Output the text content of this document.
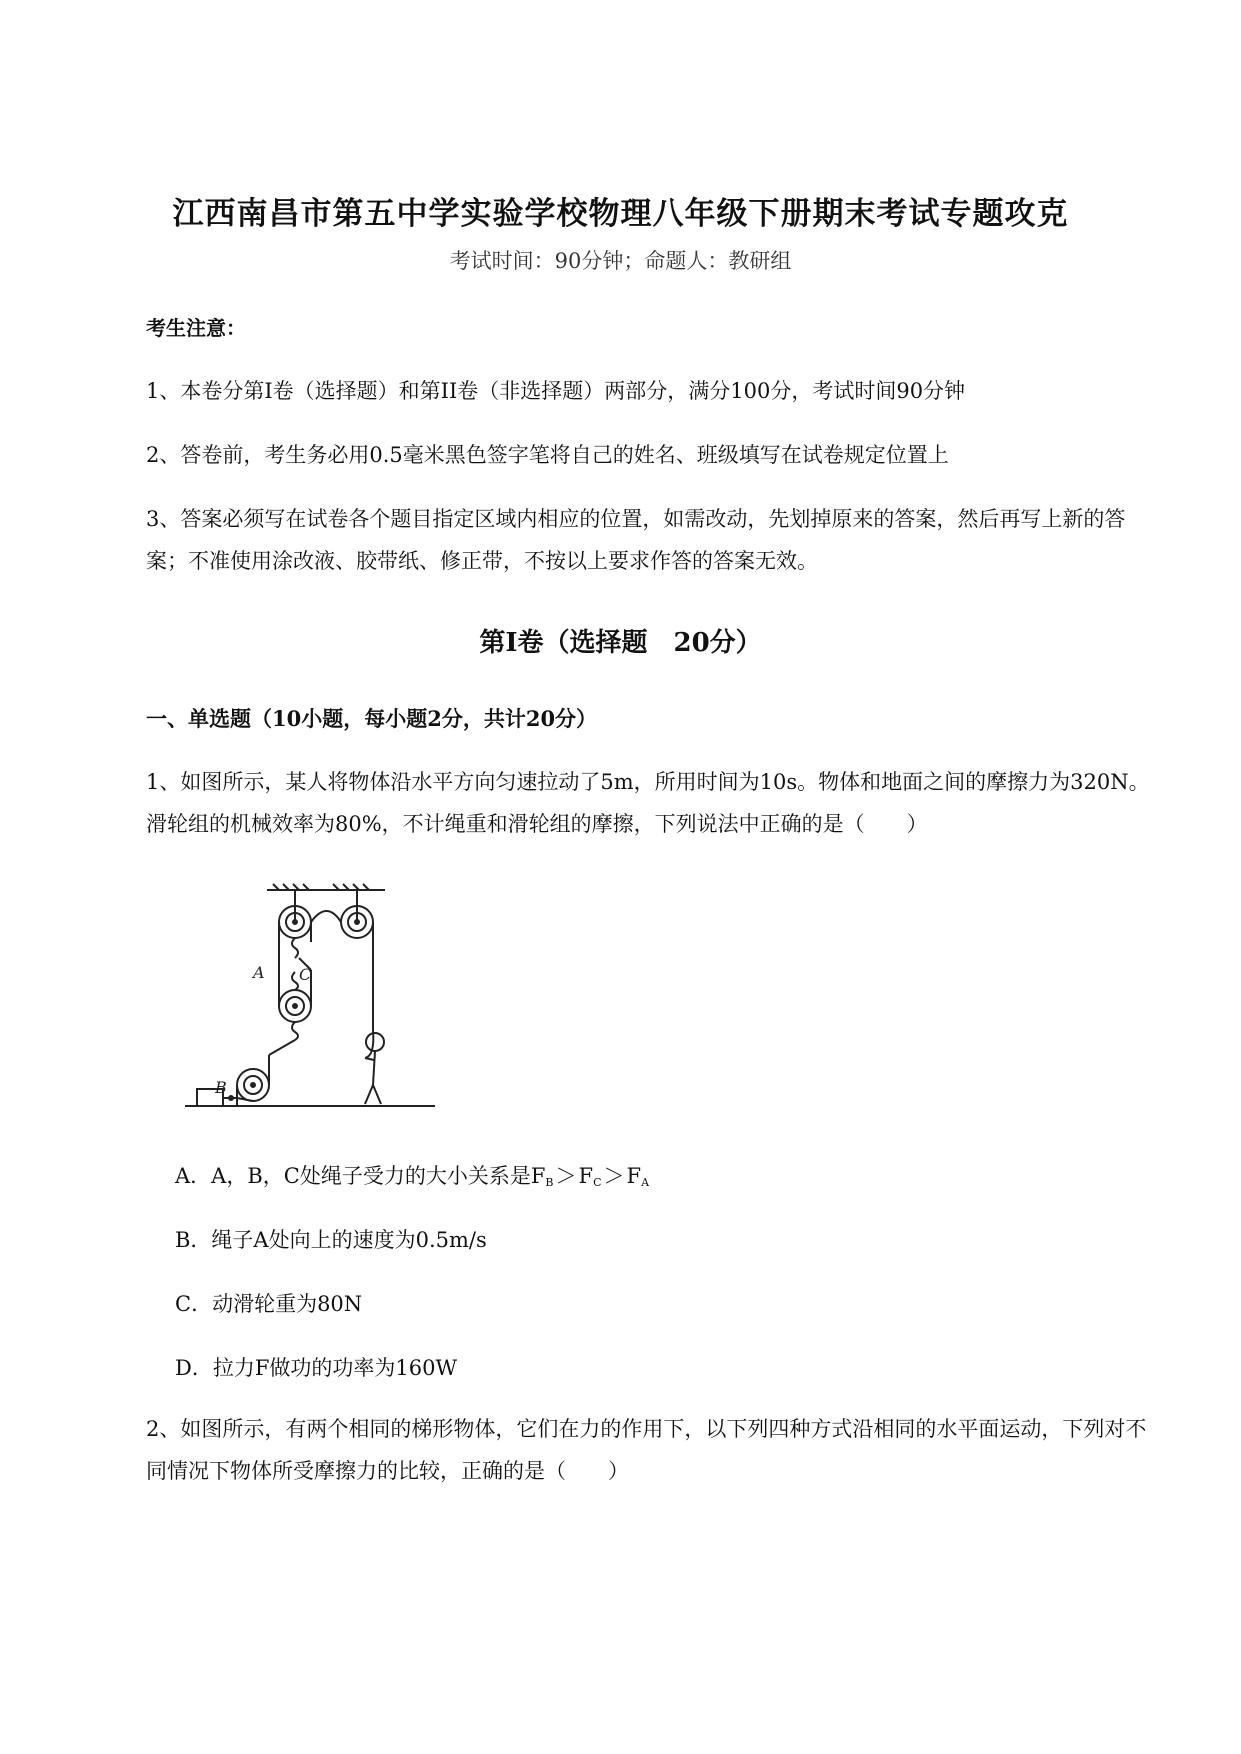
江西南昌市第五中学实验学校物理八年级下册期末考试专题攻克
考试时间：90分钟；命题人：教研组
考生注意：
1、本卷分第I卷（选择题）和第II卷（非选择题）两部分，满分100分，考试时间90分钟
2、答卷前，考生务必用0.5毫米黑色签字笔将自己的姓名、班级填写在试卷规定位置上
3、答案必须写在试卷各个题目指定区域内相应的位置，如需改动，先划掉原来的答案，然后再写上新的答案；不准使用涂改液、胶带纸、修正带，不按以上要求作答的答案无效。
第I卷（选择题　20分）
一、单选题（10小题，每小题2分，共计20分）
1、如图所示，某人将物体沿水平方向匀速拉动了5m，所用时间为10s。物体和地面之间的摩擦力为320N。滑轮组的机械效率为80%，不计绳重和滑轮组的摩擦，下列说法中正确的是（　　）
A C
B
A．A，B，C处绳子受力的大小关系是$F_B>F_C>F_A$
B．绳子A处向上的速度为0.5m/s
C．动滑轮重为80N
D．拉力F做功的功率为160W
2、如图所示，有两个相同的梯形物体，它们在力的作用下，以下列四种方式沿相同的水平面运动，下列对不同情况下物体所受摩擦力的比较，正确的是（　　）
